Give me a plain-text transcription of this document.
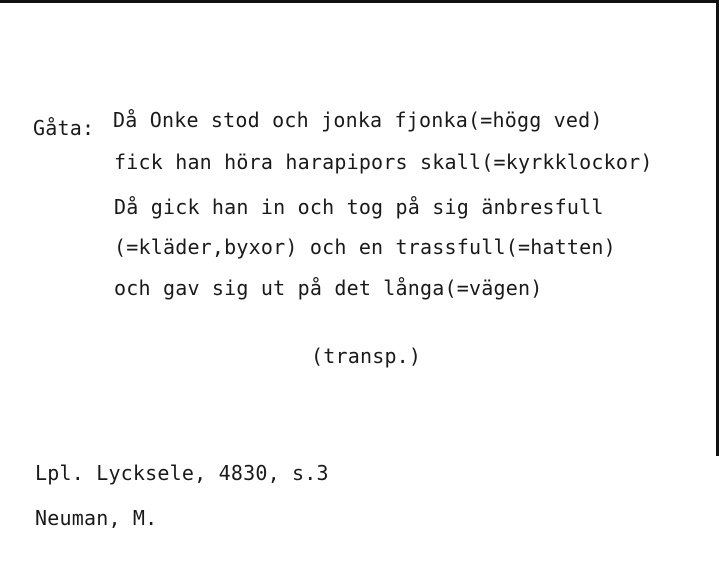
Gåta: Då Onke stod och jonka fjonka(=högg ved)
fick han höra harapipors skall(=kyrkklockor)
Då gick han in och tog på sig änbresfull
(=kläder,byxor) och en trassfull(=hatten)
och gav sig ut på det långa(=vägen)
(transp.)
Lpl. Lycksele, 4830, s.3
Neuman, M.
